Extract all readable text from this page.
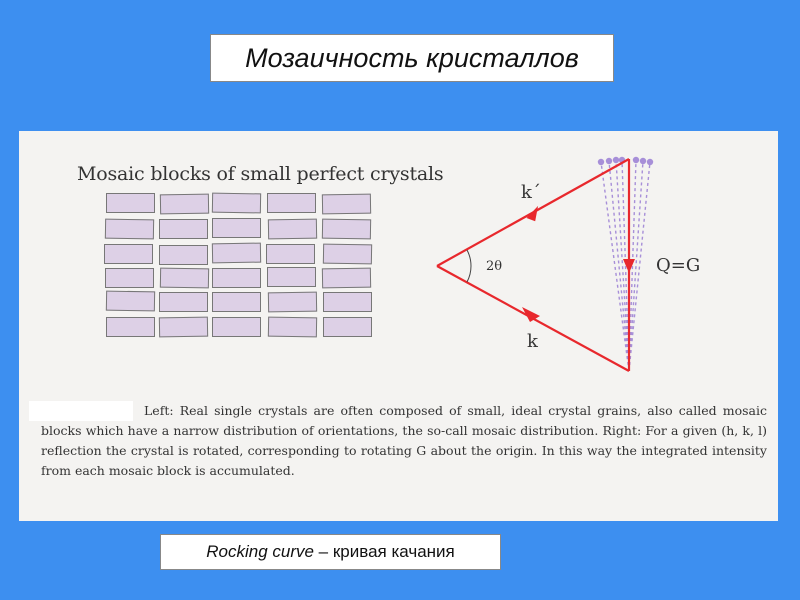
Мозаичность кристаллов
Mosaic blocks of small perfect crystals
2θ
k´
k
Q=G
Left: Real single crystals are often composed of small, ideal crystal grains, also called mosaic blocks which have a narrow distribution of orientations, the so-call mosaic distribution. Right: For a given (h, k, l) reflection the crystal is rotated, corresponding to rotating G about the origin. In this way the integrated intensity from each mosaic block is accumulated.
Rocking curve – кривая качания
